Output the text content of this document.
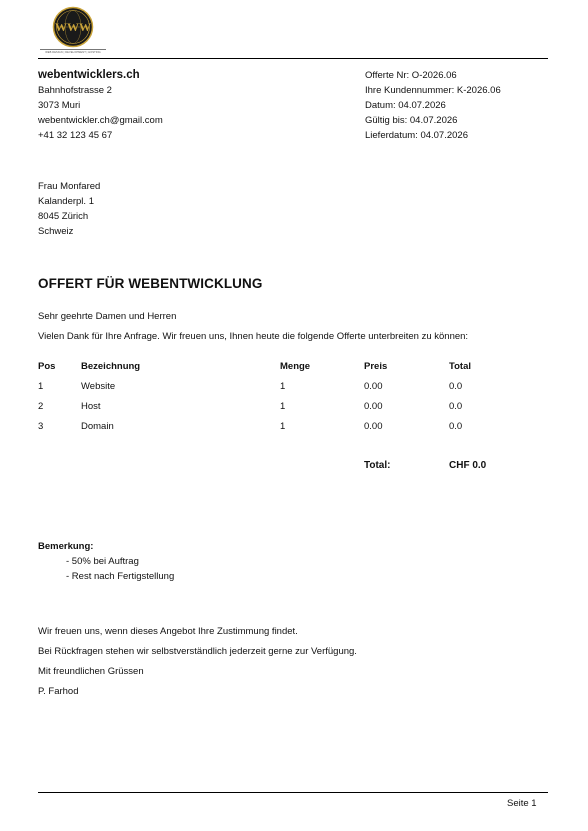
WWW
WEB DESIGN | DEVELOPMENT | HOSTING
webentwicklers.ch
Bahnhofstrasse 2
3073 Muri
webentwickler.ch@gmail.com
+41 32 123 45 67
Offerte Nr: O-2026.06
Ihre Kundennummer: K-2026.06
Datum: 04.07.2026
Gültig bis: 04.07.2026
Lieferdatum: 04.07.2026
Frau Monfared
Kalanderpl. 1
8045 Zürich
Schweiz
OFFERT FÜR WEBENTWICKLUNG
Sehr geehrte Damen und Herren
Vielen Dank für Ihre Anfrage. Wir freuen uns, Ihnen heute die folgende Offerte unterbreiten zu können:
Pos	Bezeichnung	Menge	Preis	Total
1	Website	1	0.00	0.0
2	Host	1	0.00	0.0
3	Domain	1	0.00	0.0
Total:	CHF 0.0
Bemerkung:
- 50% bei Auftrag
- Rest nach Fertigstellung
Wir freuen uns, wenn dieses Angebot Ihre Zustimmung findet.
Bei Rückfragen stehen wir selbstverständlich jederzeit gerne zur Verfügung.
Mit freundlichen Grüssen
P. Farhod
Seite 1
